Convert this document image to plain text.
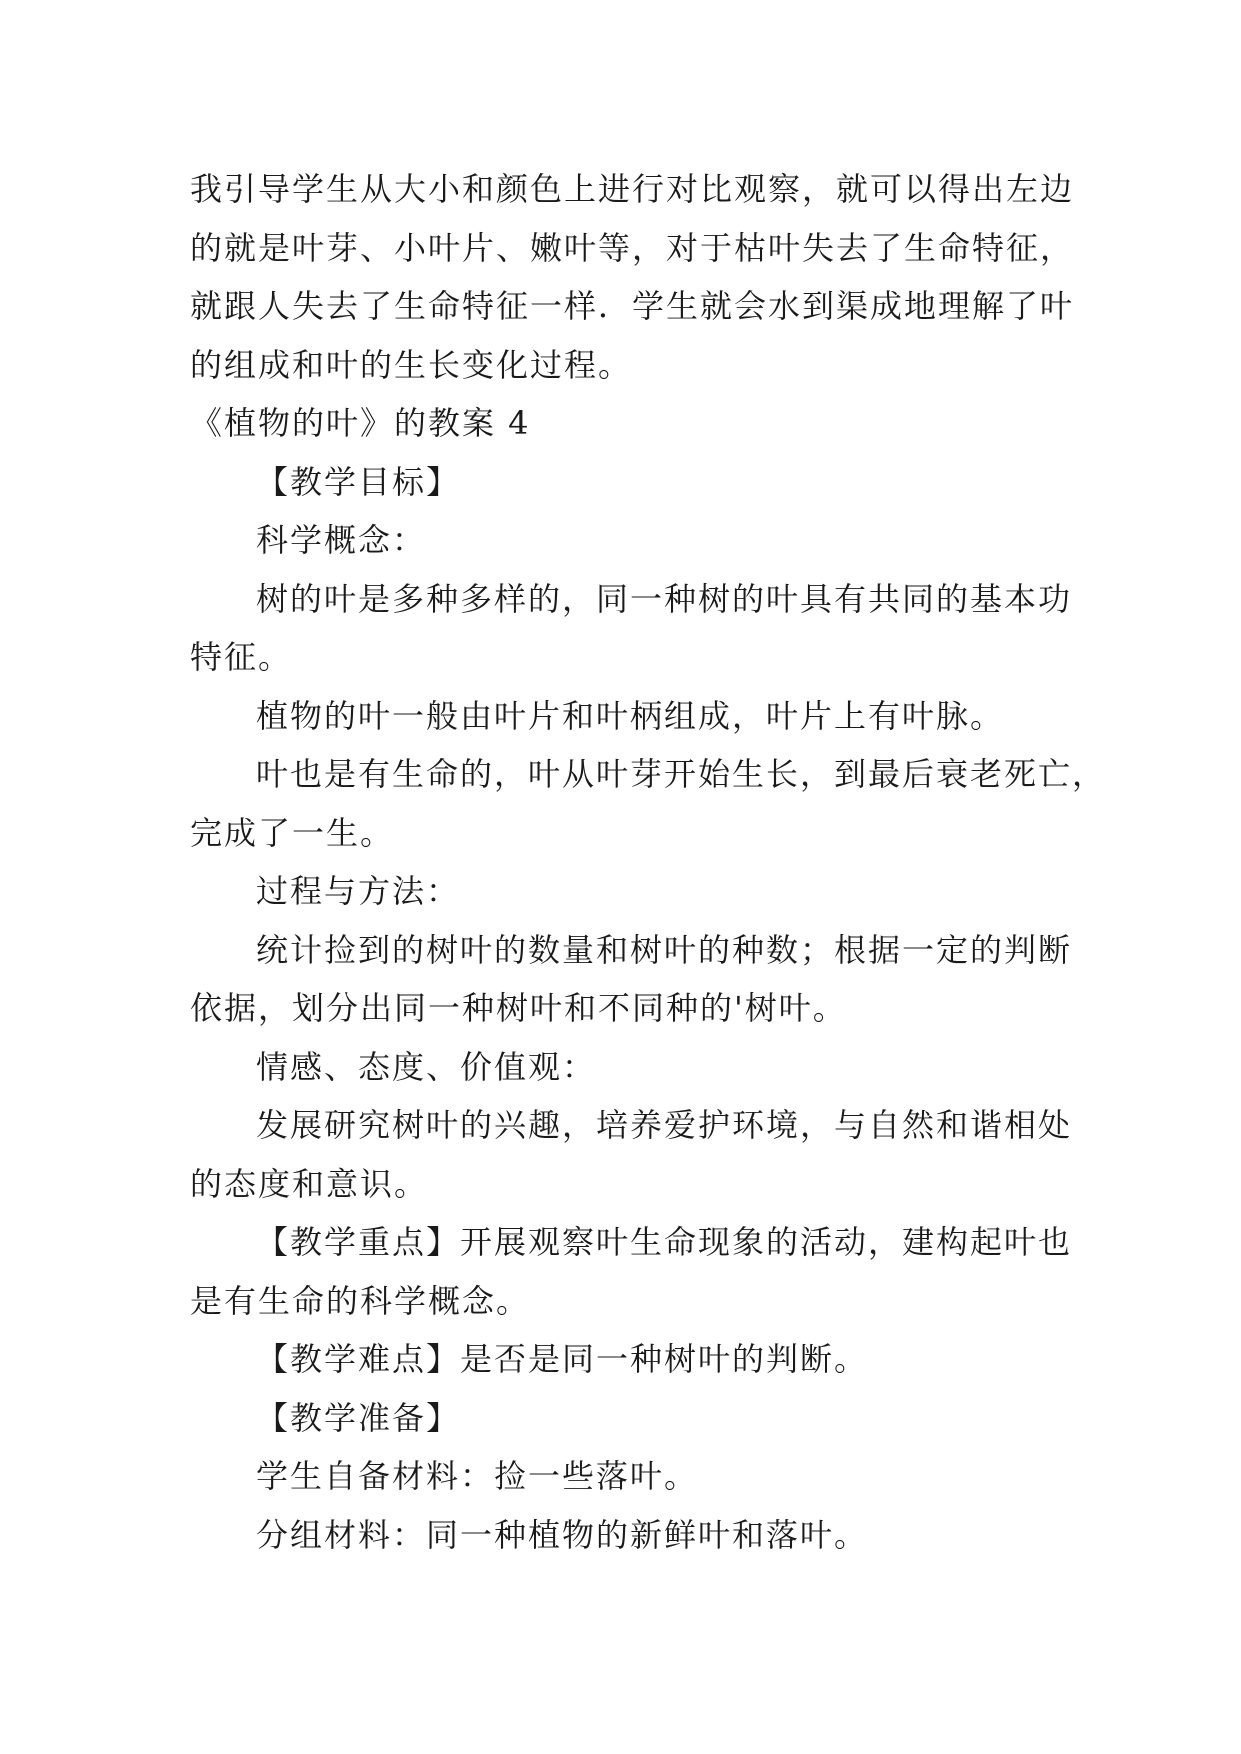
我引导学生从大小和颜色上进行对比观察，就可以得出左边
的就是叶芽、小叶片、嫩叶等，对于枯叶失去了生命特征，
就跟人失去了生命特征一样．学生就会水到渠成地理解了叶
的组成和叶的生长变化过程。
《植物的叶》的教案 4
【教学目标】
科学概念：
树的叶是多种多样的，同一种树的叶具有共同的基本功
特征。
植物的叶一般由叶片和叶柄组成，叶片上有叶脉。
叶也是有生命的，叶从叶芽开始生长，到最后衰老死亡，
完成了一生。
过程与方法：
统计捡到的树叶的数量和树叶的种数；根据一定的判断
依据，划分出同一种树叶和不同种的'树叶。
情感、态度、价值观：
发展研究树叶的兴趣，培养爱护环境，与自然和谐相处
的态度和意识。
【教学重点】开展观察叶生命现象的活动，建构起叶也
是有生命的科学概念。
【教学难点】是否是同一种树叶的判断。
【教学准备】
学生自备材料：捡一些落叶。
分组材料：同一种植物的新鲜叶和落叶。
